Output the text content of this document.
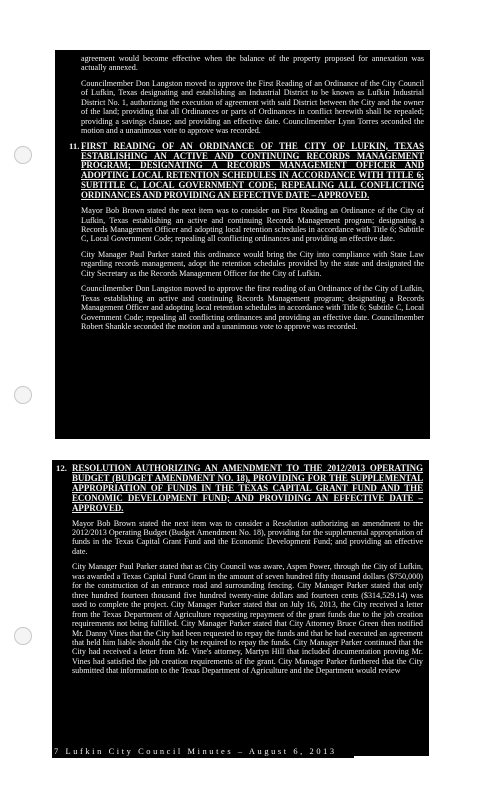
agreement would become effective when the balance of the property proposed for annexation was actually annexed.

Councilmember Don Langston moved to approve the First Reading of an Ordinance of the City Council of Lufkin, Texas designating and establishing an Industrial District to be known as Lufkin Industrial District No. 1, authorizing the execution of agreement with said District between the City and the owner of the land; providing that all Ordinances or parts of Ordinances in conflict herewith shall be repealed; providing a savings clause; and providing an effective date. Councilmember Lynn Torres seconded the motion and a unanimous vote to approve was recorded.

11. FIRST READING OF AN ORDINANCE OF THE CITY OF LUFKIN, TEXAS ESTABLISHING AN ACTIVE AND CONTINUING RECORDS MANAGEMENT PROGRAM; DESIGNATING A RECORDS MANAGEMENT OFFICER AND ADOPTING LOCAL RETENTION SCHEDULES IN ACCORDANCE WITH TITLE 6; SUBTITLE C, LOCAL GOVERNMENT CODE; REPEALING ALL CONFLICTING ORDINANCES AND PROVIDING AN EFFECTIVE DATE – APPROVED.

Mayor Bob Brown stated the next item was to consider on First Reading an Ordinance of the City of Lufkin, Texas establishing an active and continuing Records Management program; designating a Records Management Officer and adopting local retention schedules in accordance with Title 6; Subtitle C, Local Government Code; repealing all conflicting ordinances and providing an effective date.

City Manager Paul Parker stated this ordinance would bring the City into compliance with State Law regarding records management, adopt the retention schedules provided by the state and designated the City Secretary as the Records Management Officer for the City of Lufkin.

Councilmember Don Langston moved to approve the first reading of an Ordinance of the City of Lufkin, Texas establishing an active and continuing Records Management program; designating a Records Management Officer and adopting local retention schedules in accordance with Title 6; Subtitle C, Local Government Code; repealing all conflicting ordinances and providing an effective date. Councilmember Robert Shankle seconded the motion and a unanimous vote to approve was recorded.

12. RESOLUTION AUTHORIZING AN AMENDMENT TO THE 2012/2013 OPERATING BUDGET (BUDGET AMENDMENT NO. 18), PROVIDING FOR THE SUPPLEMENTAL APPROPRIATION OF FUNDS IN THE TEXAS CAPITAL GRANT FUND AND THE ECONOMIC DEVELOPMENT FUND; AND PROVIDING AN EFFECTIVE DATE – APPROVED.

Mayor Bob Brown stated the next item was to consider a Resolution authorizing an amendment to the 2012/2013 Operating Budget (Budget Amendment No. 18), providing for the supplemental appropriation of funds in the Texas Capital Grant Fund and the Economic Development Fund; and providing an effective date.

City Manager Paul Parker stated that as City Council was aware, Aspen Power, through the City of Lufkin, was awarded a Texas Capital Fund Grant in the amount of seven hundred fifty thousand dollars ($750,000) for the construction of an entrance road and surrounding fencing. City Manager Parker stated that only three hundred fourteen thousand five hundred twenty-nine dollars and fourteen cents ($314,529.14) was used to complete the project. City Manager Parker stated that on July 16, 2013, the City received a letter from the Texas Department of Agriculture requesting repayment of the grant funds due to the job creation requirements not being fulfilled. City Manager Parker stated that City Attorney Bruce Green then notified Mr. Danny Vines that the City had been requested to repay the funds and that he had executed an agreement that held him liable should the City be required to repay the funds. City Manager Parker continued that the City had received a letter from Mr. Vine's attorney, Martyn Hill that included documentation proving Mr. Vines had satisfied the job creation requirements of the grant. City Manager Parker furthered that the City submitted that information to the Texas Department of Agriculture and the Department would review

7 Lufkin City Council Minutes – August 6, 2013
